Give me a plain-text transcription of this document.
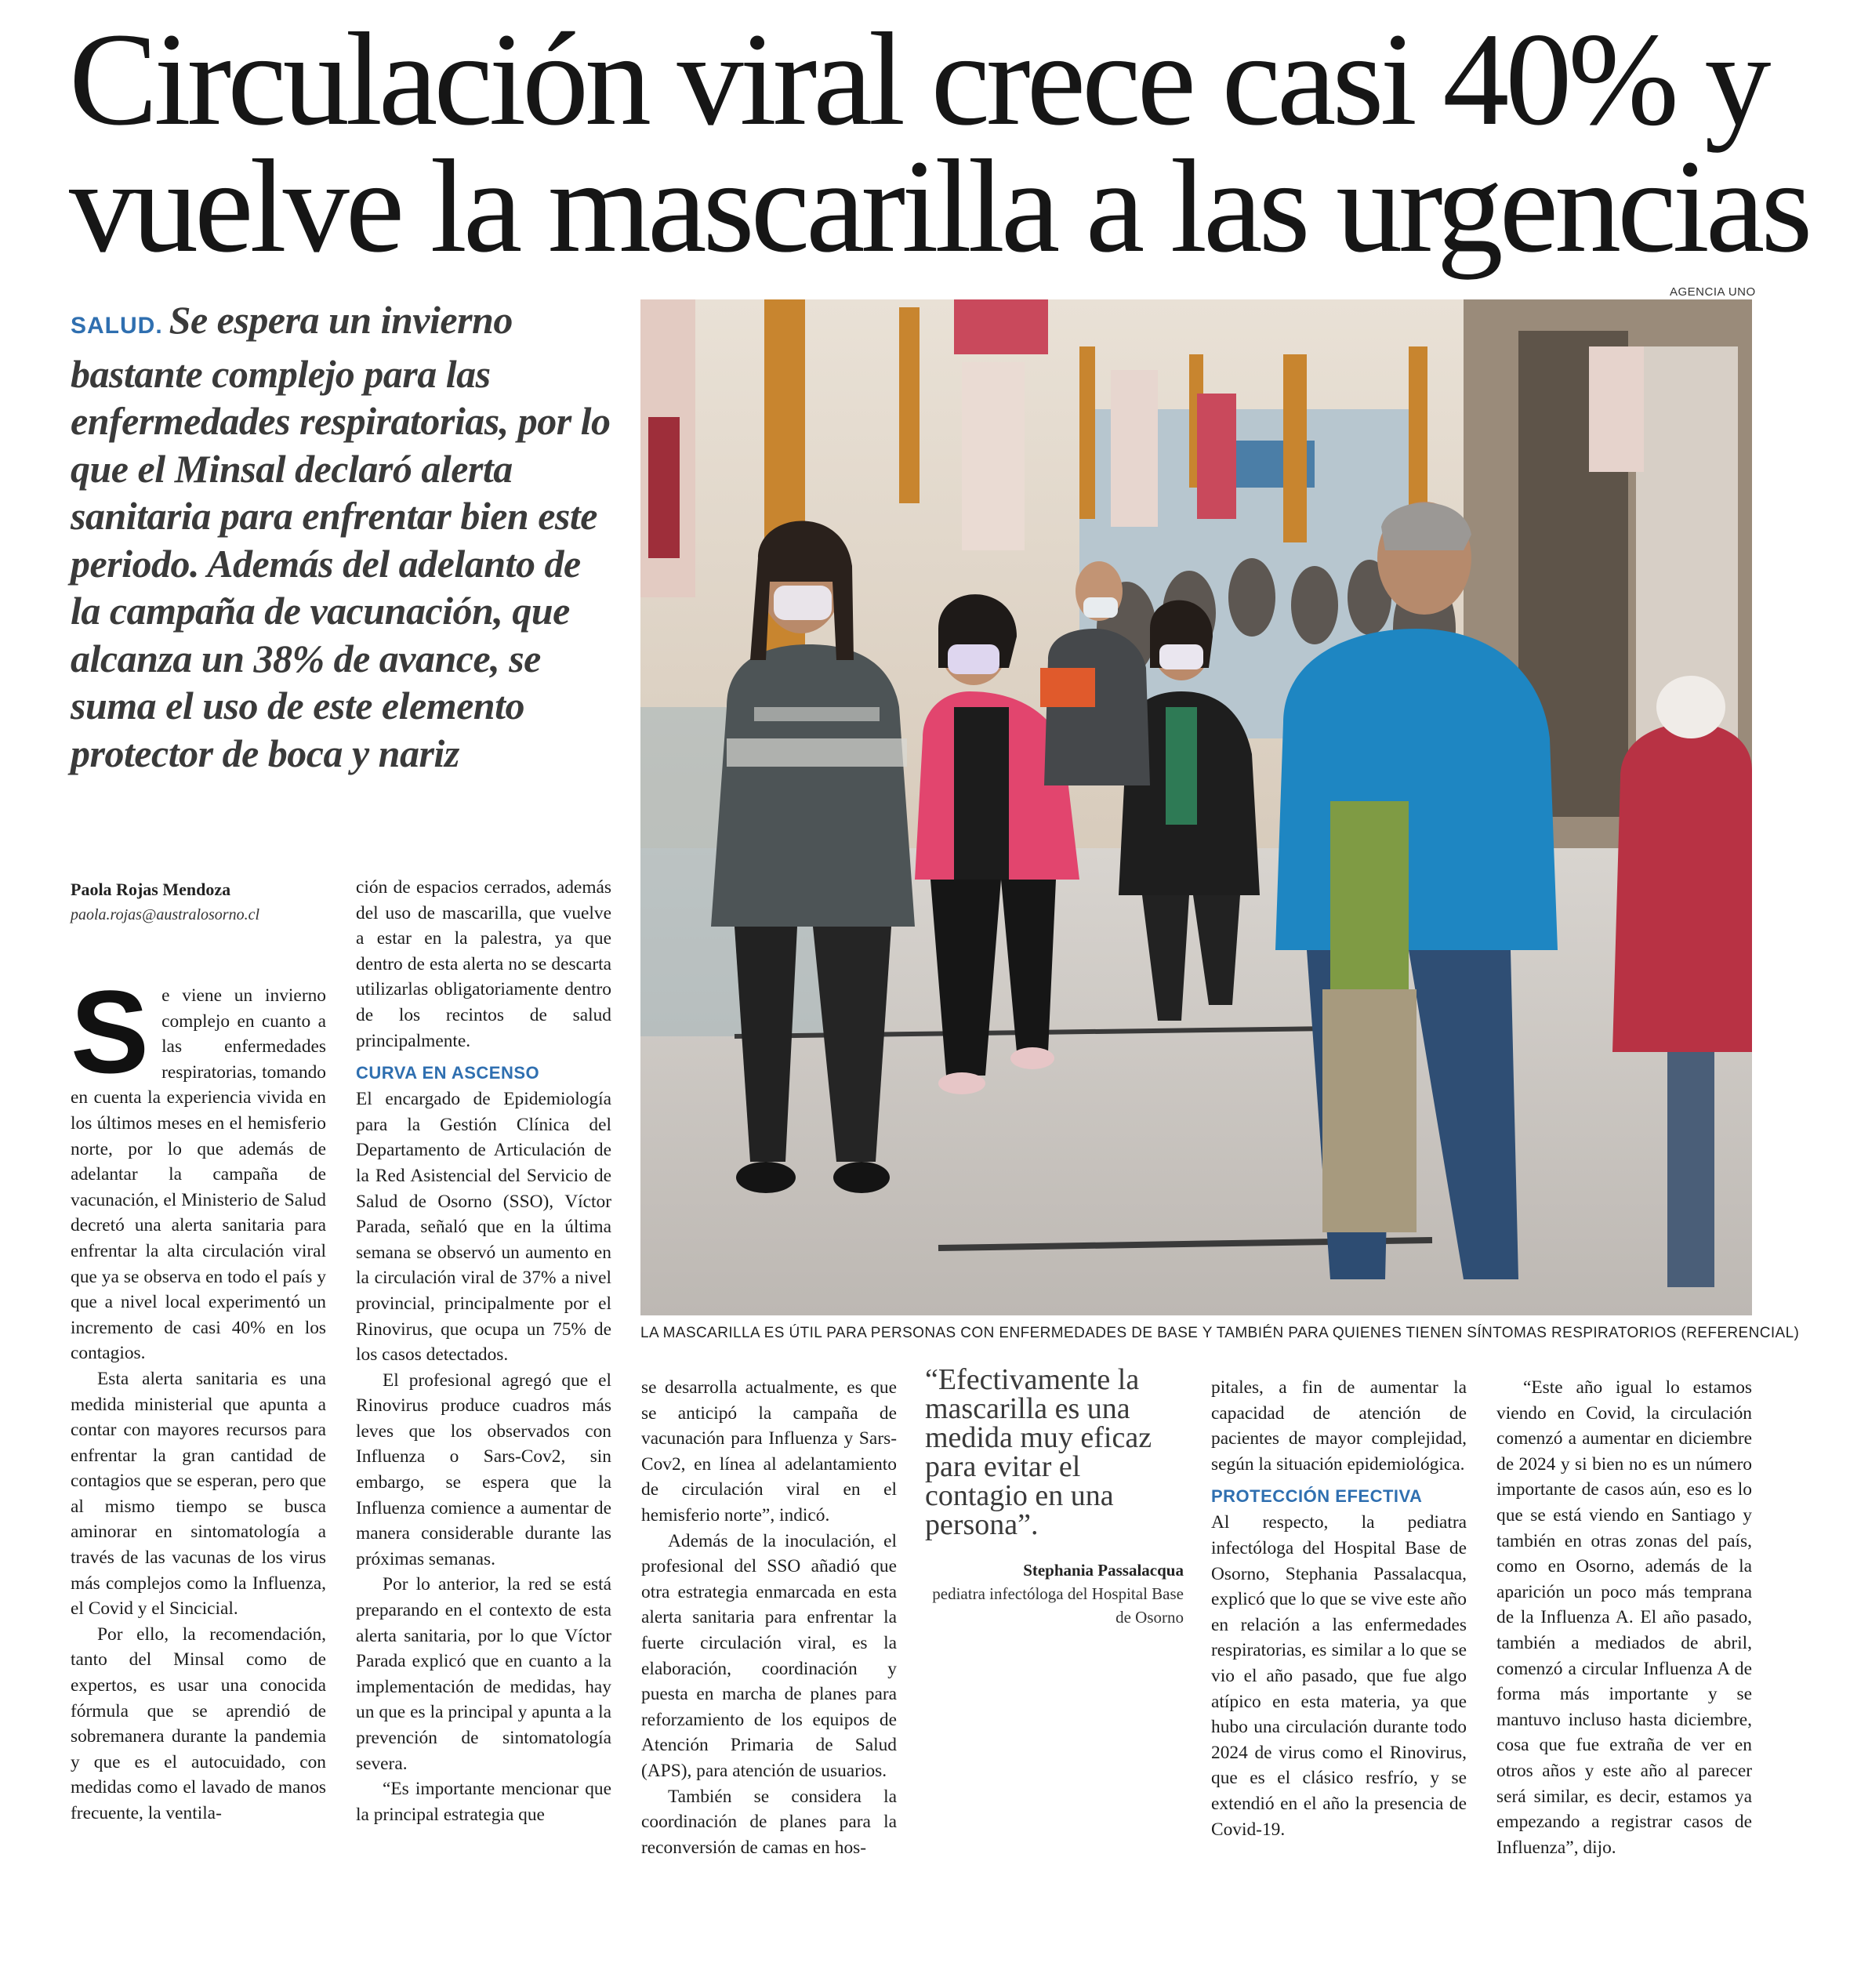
Circulación viral crece casi 40% y
vuelve la mascarilla a las urgencias
AGENCIA UNO
SALUD. Se espera un invierno bastante complejo para las enfermedades respiratorias, por lo que el Minsal declaró alerta sanitaria para enfrentar bien este periodo. Además del adelanto de la campaña de vacunación, que alcanza un 38% de avance, se suma el uso de este elemento protector de boca y nariz
LA MASCARILLA ES ÚTIL PARA PERSONAS CON ENFERMEDADES DE BASE Y TAMBIÉN PARA QUIENES TIENEN SÍNTOMAS RESPIRATORIOS (REFERENCIAL)
Paola Rojas Mendoza
paola.rojas@australosorno.cl
S e viene un invierno complejo en cuanto a las enfermedades respiratorias, tomando en cuenta la experiencia vivida en los últimos meses en el hemisferio norte, por lo que además de adelantar la campaña de vacunación, el Ministerio de Salud decretó una alerta sanitaria para enfrentar la alta circulación viral que ya se observa en todo el país y que a nivel local experimentó un incremento de casi 40% en los contagios.

Esta alerta sanitaria es una medida ministerial que apunta a contar con mayores recursos para enfrentar la gran cantidad de contagios que se esperan, pero que al mismo tiempo se busca aminorar en sintomatología a través de las vacunas de los virus más complejos como la Influenza, el Covid y el Sincicial.

Por ello, la recomendación, tanto del Minsal como de expertos, es usar una conocida fórmula que se aprendió de sobremanera durante la pandemia y que es el autocuidado, con medidas como el lavado de manos frecuente, la ventila-

ción de espacios cerrados, además del uso de mascarilla, que vuelve a estar en la palestra, ya que dentro de esta alerta no se descarta utilizarlas obligatoriamente dentro de los recintos de salud principalmente.

CURVA EN ASCENSO

El encargado de Epidemiología para la Gestión Clínica del Departamento de Articulación de la Red Asistencial del Servicio de Salud de Osorno (SSO), Víctor Parada, señaló que en la última semana se observó un aumento en la circulación viral de 37% a nivel provincial, principalmente por el Rinovirus, que ocupa un 75% de los casos detectados.

El profesional agregó que el Rinovirus produce cuadros más leves que los observados con Influenza o Sars-Cov2, sin embargo, se espera que la Influenza comience a aumentar de manera considerable durante las próximas semanas.

Por lo anterior, la red se está preparando en el contexto de esta alerta sanitaria, por lo que Víctor Parada explicó que en cuanto a la implementación de medidas, hay un que es la principal y apunta a la prevención de sintomatología severa.

“Es importante mencionar que la principal estrategia que

se desarrolla actualmente, es que se anticipó la campaña de vacunación para Influenza y Sars-Cov2, en línea al adelantamiento de circulación viral en el hemisferio norte”, indicó.

Además de la inoculación, el profesional del SSO añadió que otra estrategia enmarcada en esta alerta sanitaria para enfrentar la fuerte circulación viral, es la elaboración, coordinación y puesta en marcha de planes para reforzamiento de los equipos de Atención Primaria de Salud (APS), para atención de usuarios.

También se considera la coordinación de planes para la reconversión de camas en hos-

“Efectivamente la mascarilla es una medida muy eficaz para evitar el contagio en una persona”.
Stephania Passalacqua
pediatra infectóloga del Hospital Base de Osorno

pitales, a fin de aumentar la capacidad de atención de pacientes de mayor complejidad, según la situación epidemiológica.

PROTECCIÓN EFECTIVA

Al respecto, la pediatra infectóloga del Hospital Base de Osorno, Stephania Passalacqua, explicó que lo que se vive este año en relación a las enfermedades respiratorias, es similar a lo que se vio el año pasado, que fue algo atípico en esta materia, ya que hubo una circulación durante todo 2024 de virus como el Rinovirus, que es el clásico resfrío, y se extendió en el año la presencia de Covid-19.

“Este año igual lo estamos viendo en Covid, la circulación comenzó a aumentar en diciembre de 2024 y si bien no es un número importante de casos aún, eso es lo que se está viendo en Santiago y también en otras zonas del país, como en Osorno, además de la aparición un poco más temprana de la Influenza A. El año pasado, también a mediados de abril, comenzó a circular Influenza A de forma más importante y se mantuvo incluso hasta diciembre, cosa que fue extraña de ver en otros años y este año al parecer será similar, es decir, estamos ya empezando a registrar casos de Influenza”, dijo.
